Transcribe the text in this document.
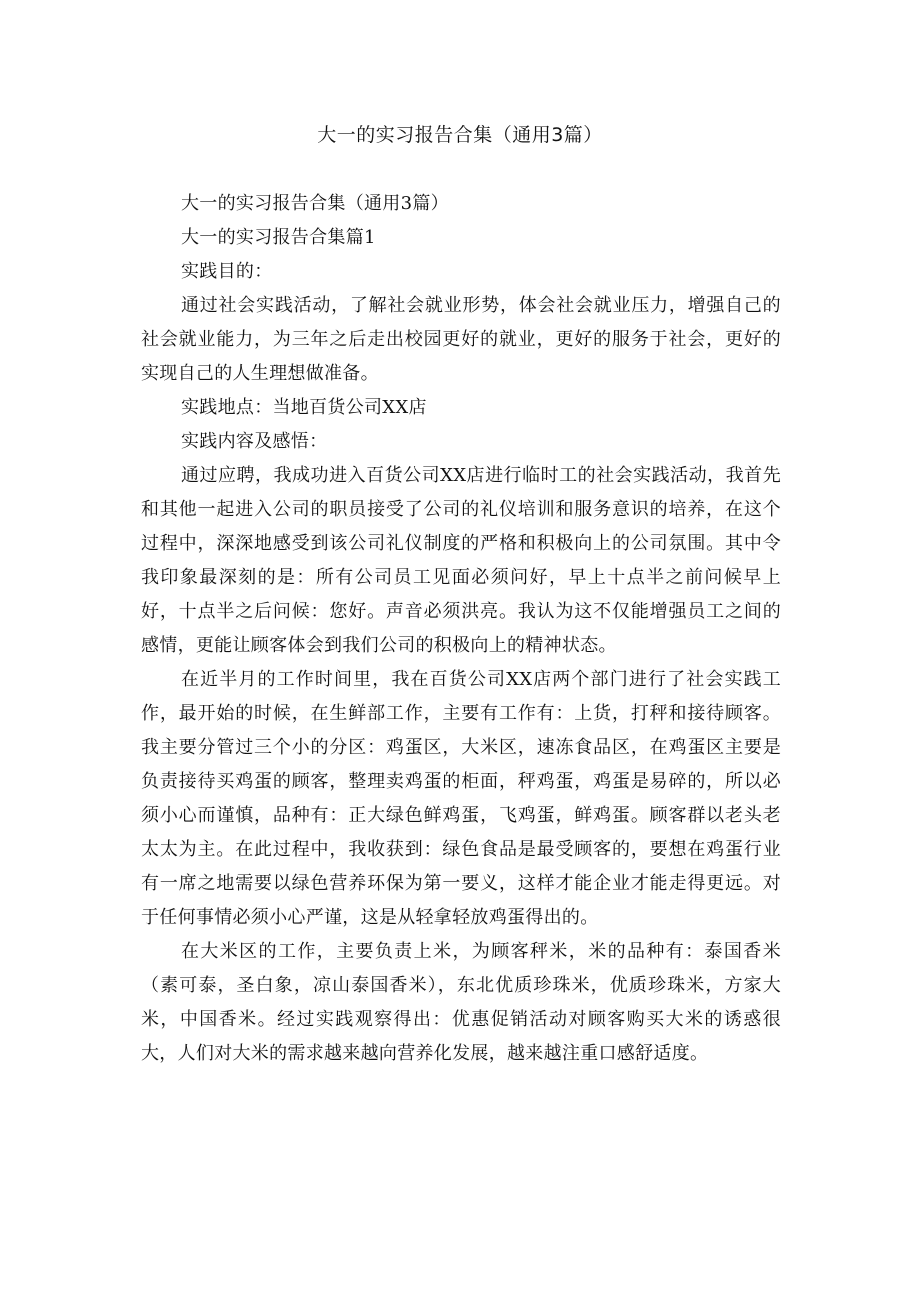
大一的实习报告合集（通用3篇）

大一的实习报告合集（通用3篇）

大一的实习报告合集篇1

实践目的：

通过社会实践活动，了解社会就业形势，体会社会就业压力，增强自己的社会就业能力，为三年之后走出校园更好的就业，更好的服务于社会，更好的实现自己的人生理想做准备。

实践地点：当地百货公司XX店

实践内容及感悟：

通过应聘，我成功进入百货公司XX店进行临时工的社会实践活动，我首先和其他一起进入公司的职员接受了公司的礼仪培训和服务意识的培养，在这个过程中，深深地感受到该公司礼仪制度的严格和积极向上的公司氛围。其中令我印象最深刻的是：所有公司员工见面必须问好，早上十点半之前问候早上好，十点半之后问候：您好。声音必须洪亮。我认为这不仅能增强员工之间的感情，更能让顾客体会到我们公司的积极向上的精神状态。

在近半月的工作时间里，我在百货公司XX店两个部门进行了社会实践工作，最开始的时候，在生鲜部工作，主要有工作有：上货，打秤和接待顾客。我主要分管过三个小的分区：鸡蛋区，大米区，速冻食品区，在鸡蛋区主要是负责接待买鸡蛋的顾客，整理卖鸡蛋的柜面，秤鸡蛋，鸡蛋是易碎的，所以必须小心而谨慎，品种有：正大绿色鲜鸡蛋，飞鸡蛋，鲜鸡蛋。顾客群以老头老太太为主。在此过程中，我收获到：绿色食品是最受顾客的，要想在鸡蛋行业有一席之地需要以绿色营养环保为第一要义，这样才能企业才能走得更远。对于任何事情必须小心严谨，这是从轻拿轻放鸡蛋得出的。

在大米区的工作，主要负责上米，为顾客秤米，米的品种有：泰国香米（素可泰，圣白象，凉山泰国香米），东北优质珍珠米，优质珍珠米，方家大米，中国香米。经过实践观察得出：优惠促销活动对顾客购买大米的诱惑很大，人们对大米的需求越来越向营养化发展，越来越注重口感舒适度。
